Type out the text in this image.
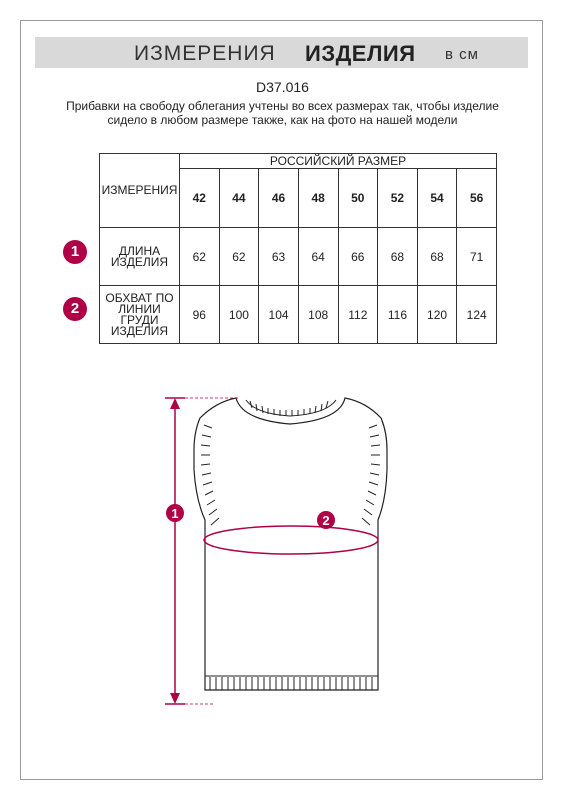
ИЗМЕРЕНИЯ ИЗДЕЛИЯ в см
D37.016
Прибавки на свободу облегания учтены во всех размерах так, чтобы изделие сидело в любом размере также, как на фото на нашей модели
ИЗМЕРЕНИЯ	РОССИЙСКИЙ РАЗМЕР							
	42	44	46	48	50	52	54	56
ДЛИНА ИЗДЕЛИЯ	62	62	63	64	66	68	68	71
ОБХВАТ ПО ЛИНИИ ГРУДИ ИЗДЕЛИЯ	96	100	104	108	112	116	120	124
1
2
1	2
